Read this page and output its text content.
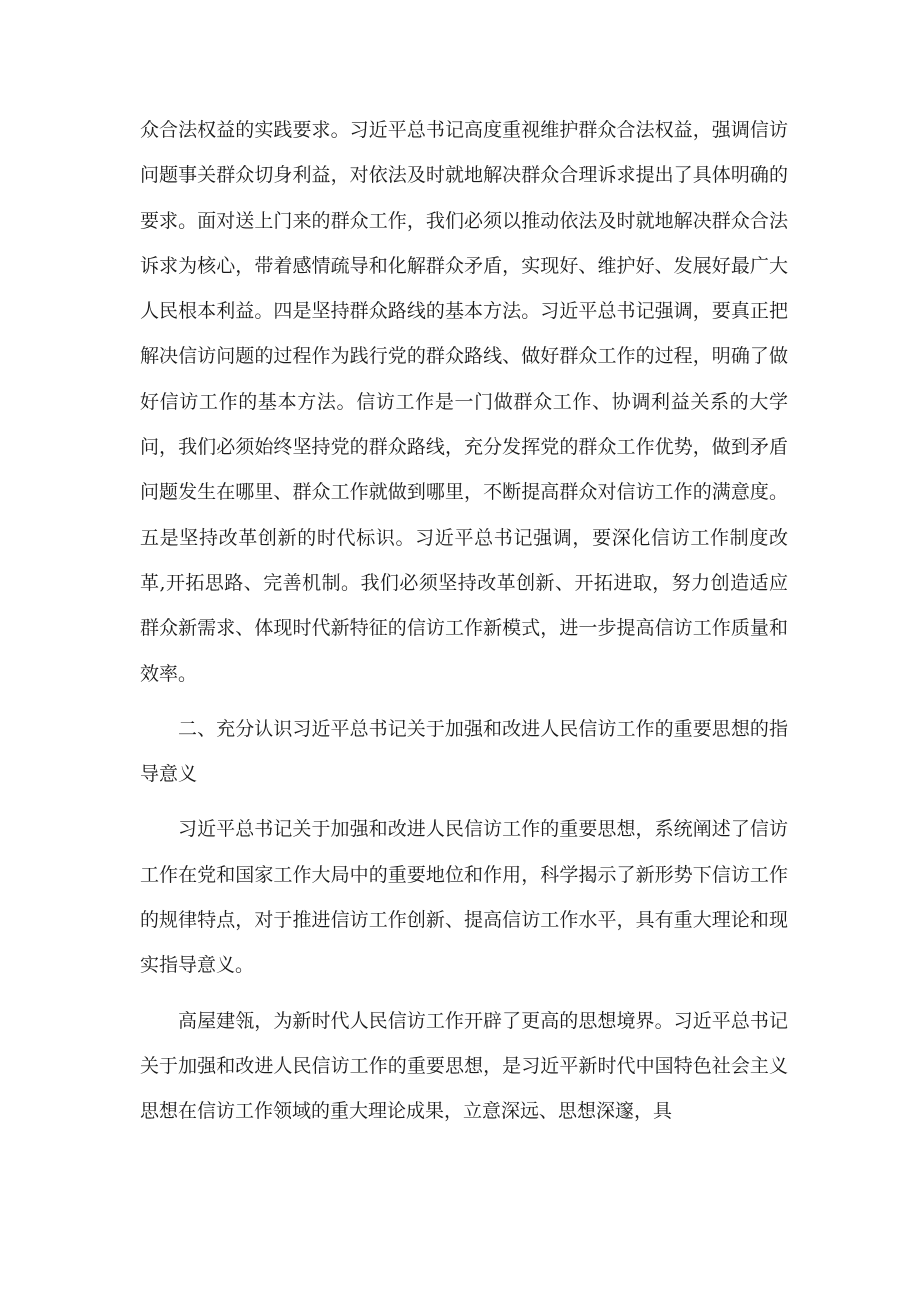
众合法权益的实践要求。习近平总书记高度重视维护群众合法权益，强调信访问题事关群众切身利益，对依法及时就地解决群众合理诉求提出了具体明确的要求。面对送上门来的群众工作，我们必须以推动依法及时就地解决群众合法诉求为核心，带着感情疏导和化解群众矛盾，实现好、维护好、发展好最广大人民根本利益。四是坚持群众路线的基本方法。习近平总书记强调，要真正把解决信访问题的过程作为践行党的群众路线、做好群众工作的过程，明确了做好信访工作的基本方法。信访工作是一门做群众工作、协调利益关系的大学问，我们必须始终坚持党的群众路线，充分发挥党的群众工作优势，做到矛盾问题发生在哪里、群众工作就做到哪里，不断提高群众对信访工作的满意度。五是坚持改革创新的时代标识。习近平总书记强调，要深化信访工作制度改革,开拓思路、完善机制。我们必须坚持改革创新、开拓进取，努力创造适应群众新需求、体现时代新特征的信访工作新模式，进一步提高信访工作质量和效率。

二、充分认识习近平总书记关于加强和改进人民信访工作的重要思想的指导意义

习近平总书记关于加强和改进人民信访工作的重要思想，系统阐述了信访工作在党和国家工作大局中的重要地位和作用，科学揭示了新形势下信访工作的规律特点，对于推进信访工作创新、提高信访工作水平，具有重大理论和现实指导意义。

高屋建瓴，为新时代人民信访工作开辟了更高的思想境界。习近平总书记关于加强和改进人民信访工作的重要思想，是习近平新时代中国特色社会主义思想在信访工作领域的重大理论成果，立意深远、思想深邃，具
